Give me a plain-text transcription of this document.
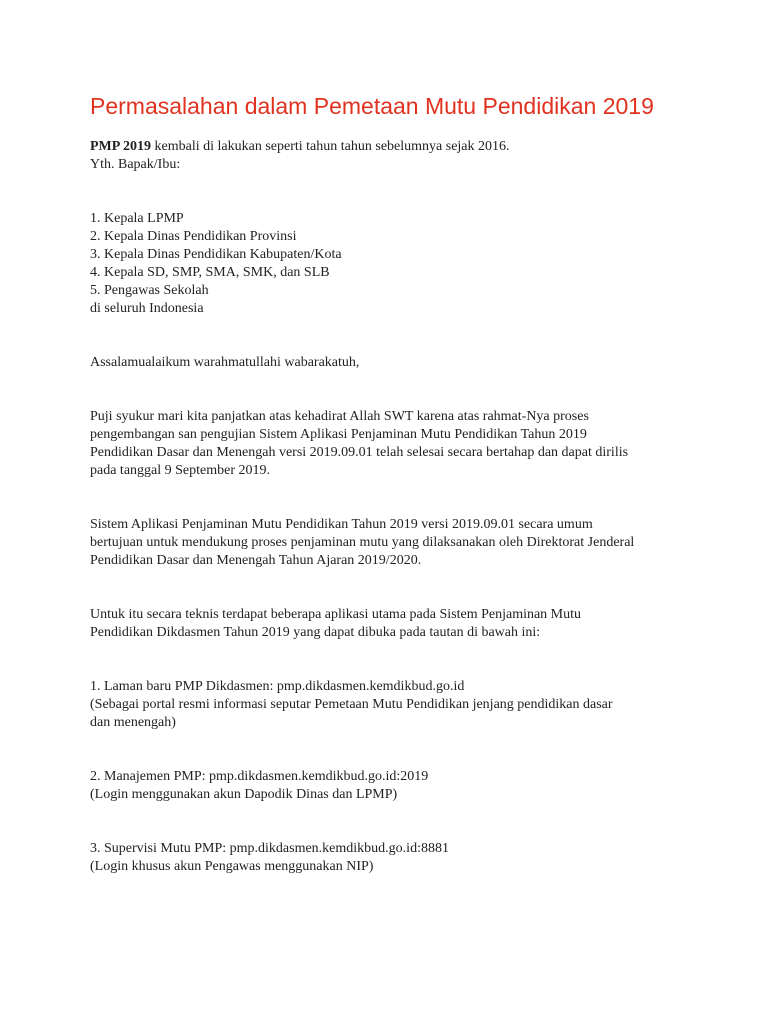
Permasalahan dalam Pemetaan Mutu Pendidikan 2019
PMP 2019 kembali di lakukan seperti tahun tahun sebelumnya sejak 2016.
Yth. Bapak/Ibu:
1. Kepala LPMP
2. Kepala Dinas Pendidikan Provinsi
3. Kepala Dinas Pendidikan Kabupaten/Kota
4. Kepala SD, SMP, SMA, SMK, dan SLB
5. Pengawas Sekolah
di seluruh Indonesia
Assalamualaikum warahmatullahi wabarakatuh,
Puji syukur mari kita panjatkan atas kehadirat Allah SWT karena atas rahmat-Nya proses
pengembangan san pengujian Sistem Aplikasi Penjaminan Mutu Pendidikan Tahun 2019
Pendidikan Dasar dan Menengah versi 2019.09.01 telah selesai secara bertahap dan dapat dirilis
pada tanggal 9 September 2019.
Sistem Aplikasi Penjaminan Mutu Pendidikan Tahun 2019 versi 2019.09.01 secara umum
bertujuan untuk mendukung proses penjaminan mutu yang dilaksanakan oleh Direktorat Jenderal
Pendidikan Dasar dan Menengah Tahun Ajaran 2019/2020.
Untuk itu secara teknis terdapat beberapa aplikasi utama pada Sistem Penjaminan Mutu
Pendidikan Dikdasmen Tahun 2019 yang dapat dibuka pada tautan di bawah ini:
1. Laman baru PMP Dikdasmen: pmp.dikdasmen.kemdikbud.go.id
(Sebagai portal resmi informasi seputar Pemetaan Mutu Pendidikan jenjang pendidikan dasar
dan menengah)
2. Manajemen PMP: pmp.dikdasmen.kemdikbud.go.id:2019
(Login menggunakan akun Dapodik Dinas dan LPMP)
3. Supervisi Mutu PMP: pmp.dikdasmen.kemdikbud.go.id:8881
(Login khusus akun Pengawas menggunakan NIP)
